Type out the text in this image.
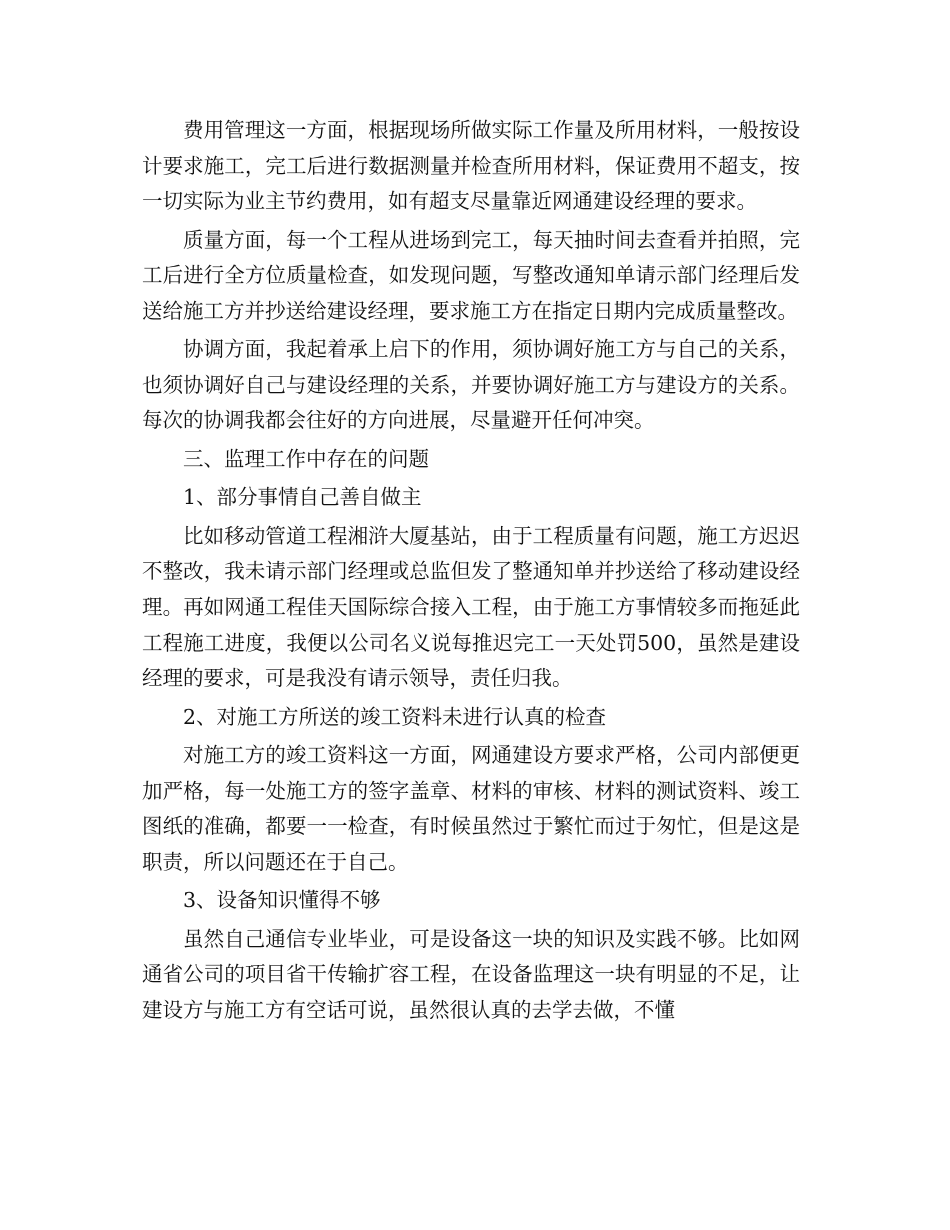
费用管理这一方面，根据现场所做实际工作量及所用材料，一般按设计要求施工，完工后进行数据测量并检查所用材料，保证费用不超支，按一切实际为业主节约费用，如有超支尽量靠近网通建设经理的要求。

质量方面，每一个工程从进场到完工，每天抽时间去查看并拍照，完工后进行全方位质量检查，如发现问题，写整改通知单请示部门经理后发送给施工方并抄送给建设经理，要求施工方在指定日期内完成质量整改。

协调方面，我起着承上启下的作用，须协调好施工方与自己的关系，也须协调好自己与建设经理的关系，并要协调好施工方与建设方的关系。每次的协调我都会往好的方向进展，尽量避开任何冲突。

三、监理工作中存在的问题

1、部分事情自己善自做主

比如移动管道工程湘浒大厦基站，由于工程质量有问题，施工方迟迟不整改，我未请示部门经理或总监但发了整通知单并抄送给了移动建设经理。再如网通工程佳天国际综合接入工程，由于施工方事情较多而拖延此工程施工进度，我便以公司名义说每推迟完工一天处罚500，虽然是建设经理的要求，可是我没有请示领导，责任归我。

2、对施工方所送的竣工资料未进行认真的检查

对施工方的竣工资料这一方面，网通建设方要求严格，公司内部便更加严格，每一处施工方的签字盖章、材料的审核、材料的测试资料、竣工图纸的准确，都要一一检查，有时候虽然过于繁忙而过于匆忙，但是这是职责，所以问题还在于自己。

3、设备知识懂得不够

虽然自己通信专业毕业，可是设备这一块的知识及实践不够。比如网通省公司的项目省干传输扩容工程，在设备监理这一块有明显的不足，让建设方与施工方有空话可说，虽然很认真的去学去做，不懂
